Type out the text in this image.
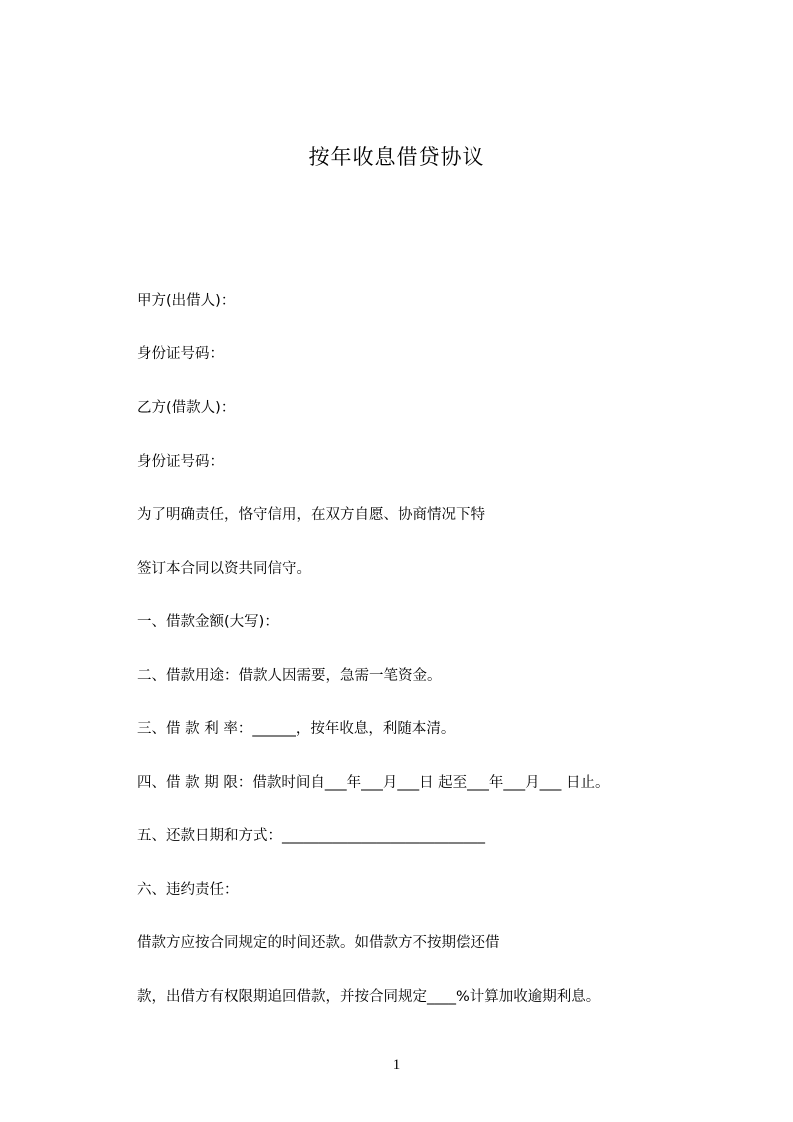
按年收息借贷协议
甲方(出借人)：
身份证号码：
乙方(借款人)：
身份证号码：
为了明确责任，恪守信用，在双方自愿、协商情况下特
签订本合同以资共同信守。
一、借款金额(大写)：
二、借款用途：借款人因需要，急需一笔资金。
三、借 款 利 率：______，按年收息，利随本清。
四、借 款 期 限：借款时间自___年___月___日 起至___年___月___ 日止。
五、还款日期和方式：____________________________
六、违约责任：
借款方应按合同规定的时间还款。如借款方不按期偿还借
款，出借方有权限期追回借款，并按合同规定____%计算加收逾期利息。
1
